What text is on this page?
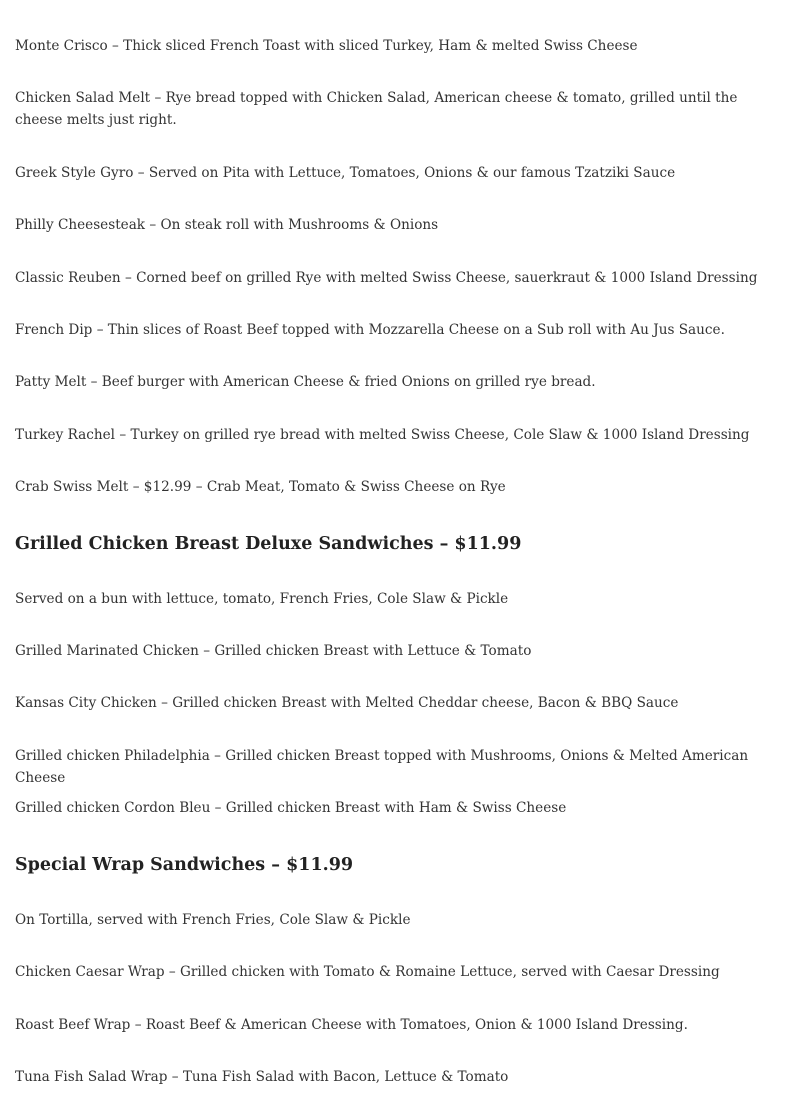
Monte Crisco – Thick sliced French Toast with sliced Turkey, Ham & melted Swiss Cheese
Chicken Salad Melt – Rye bread topped with Chicken Salad, American cheese & tomato, grilled until the cheese melts just right.
Greek Style Gyro – Served on Pita with Lettuce, Tomatoes, Onions & our famous Tzatziki Sauce
Philly Cheesesteak – On steak roll with Mushrooms & Onions
Classic Reuben – Corned beef on grilled Rye with melted Swiss Cheese, sauerkraut & 1000 Island Dressing
French Dip – Thin slices of Roast Beef topped with Mozzarella Cheese on a Sub roll with Au Jus Sauce.
Patty Melt – Beef burger with American Cheese & fried Onions on grilled rye bread.
Turkey Rachel – Turkey on grilled rye bread with melted Swiss Cheese, Cole Slaw & 1000 Island Dressing
Crab Swiss Melt – $12.99 – Crab Meat, Tomato & Swiss Cheese on Rye
Grilled Chicken Breast Deluxe Sandwiches – $11.99
Served on a bun with lettuce, tomato, French Fries, Cole Slaw & Pickle
Grilled Marinated Chicken – Grilled chicken Breast with Lettuce & Tomato
Kansas City Chicken – Grilled chicken Breast with Melted Cheddar cheese, Bacon & BBQ Sauce
Grilled chicken Philadelphia – Grilled chicken Breast topped with Mushrooms, Onions & Melted American Cheese
Grilled chicken Cordon Bleu – Grilled chicken Breast with Ham & Swiss Cheese
Special Wrap Sandwiches – $11.99
On Tortilla, served with French Fries, Cole Slaw & Pickle
Chicken Caesar Wrap – Grilled chicken with Tomato & Romaine Lettuce, served with Caesar Dressing
Roast Beef Wrap – Roast Beef & American Cheese with Tomatoes, Onion & 1000 Island Dressing.
Tuna Fish Salad Wrap – Tuna Fish Salad with Bacon, Lettuce & Tomato
